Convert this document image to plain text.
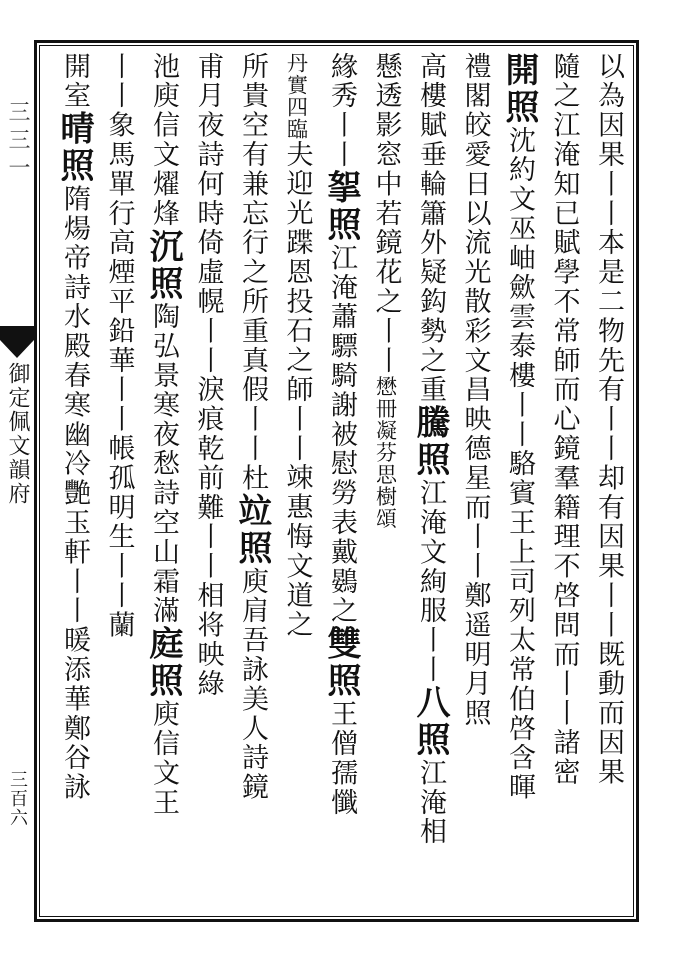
三三一
御定佩文韻府
三百六
以為因果丨丨本是二物先有丨丨却有因果丨丨既動而因果
隨之江淹知已賦學不常師而心鏡羣籍理不啓問而丨丨諸密
開照沈約文巫岫歛雲泰樓丨丨駱賓王上司列太常伯啓含暉
禮閣皎愛日以流光散彩文昌映德星而丨丨鄭遥明月照
高樓賦垂輪簫外疑鈎勢之重騰照江淹文絢服丨丨八照江淹相
懸透影窓中若鏡花之丨丨懋冊凝芬思樹頌
緣秀丨丨挐照江淹蕭驃騎謝被慰勞表戴鷃之雙照王僧孺懺
丹實四臨夫迎光蹀恩投石之師丨丨竦惠悔文道之
所貴空有兼忘行之所重真假丨丨杜竝照庾肩吾詠美人詩鏡
甫月夜詩何時倚虛幌丨丨淚痕乾前難丨丨相将映綠
池庾信文燿烽沉照陶弘景寒夜愁詩空山霜滿庭照庾信文王
丨丨象馬單行高煙平鉛華丨丨帳孤明生丨丨蘭
開室晴照隋煬帝詩水殿春寒幽冷艷玉軒丨丨暖添華鄭谷詠
